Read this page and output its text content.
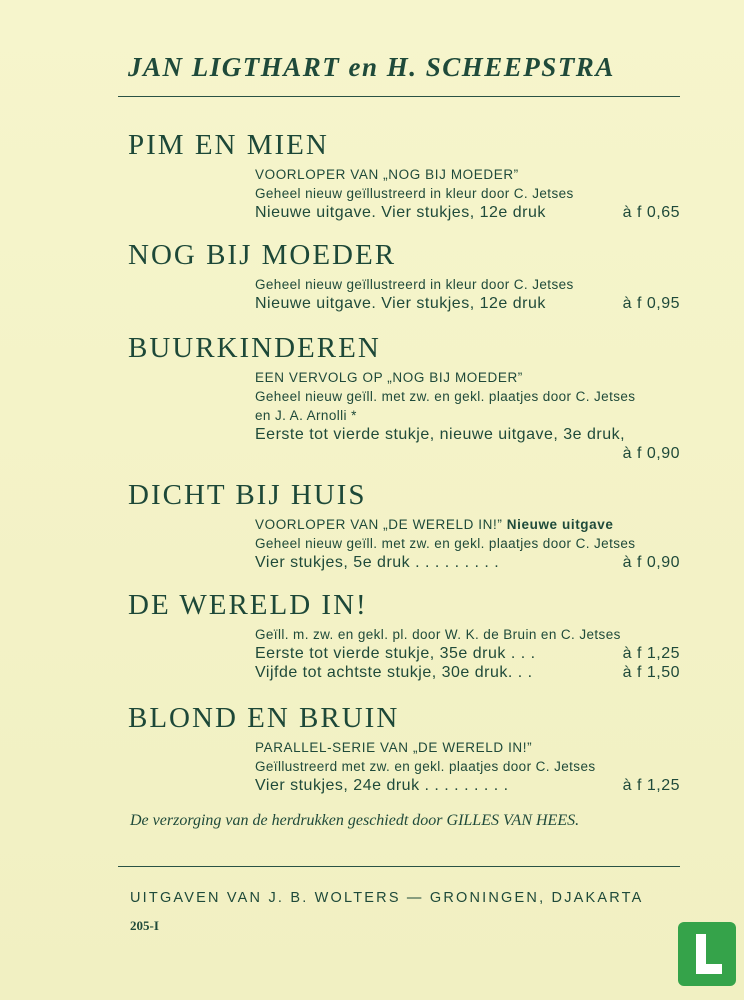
JAN LIGTHART en H. SCHEEPSTRA
PIM EN MIEN
VOORLOPER VAN „NOG BIJ MOEDER”
Geheel nieuw geïllustreerd in kleur door C. Jetses
Nieuwe uitgave. Vier stukjes, 12e druk	à f 0,65
NOG BIJ MOEDER
Geheel nieuw geïllustreerd in kleur door C. Jetses
Nieuwe uitgave. Vier stukjes, 12e druk	à f 0,95
BUURKINDEREN
EEN VERVOLG OP „NOG BIJ MOEDER”
Geheel nieuw geïll. met zw. en gekl. plaatjes door C. Jetses
en J. A. Arnolli *
Eerste tot vierde stukje, nieuwe uitgave, 3e druk,
à f 0,90
DICHT BIJ HUIS
VOORLOPER VAN „DE WERELD IN!” Nieuwe uitgave
Geheel nieuw geïll. met zw. en gekl. plaatjes door C. Jetses
Vier stukjes, 5e druk . . . . . . . . .	à f 0,90
DE WERELD IN!
Geïll. m. zw. en gekl. pl. door W. K. de Bruin en C. Jetses
Eerste tot vierde stukje, 35e druk . . .	à f 1,25
Vijfde tot achtste stukje, 30e druk. . .	à f 1,50
BLOND EN BRUIN
PARALLEL-SERIE VAN „DE WERELD IN!”
Geïllustreerd met zw. en gekl. plaatjes door C. Jetses
Vier stukjes, 24e druk . . . . . . . . .	à f 1,25
De verzorging van de herdrukken geschiedt door GILLES VAN HEES.
UITGAVEN VAN J. B. WOLTERS — GRONINGEN, DJAKARTA
205-I
